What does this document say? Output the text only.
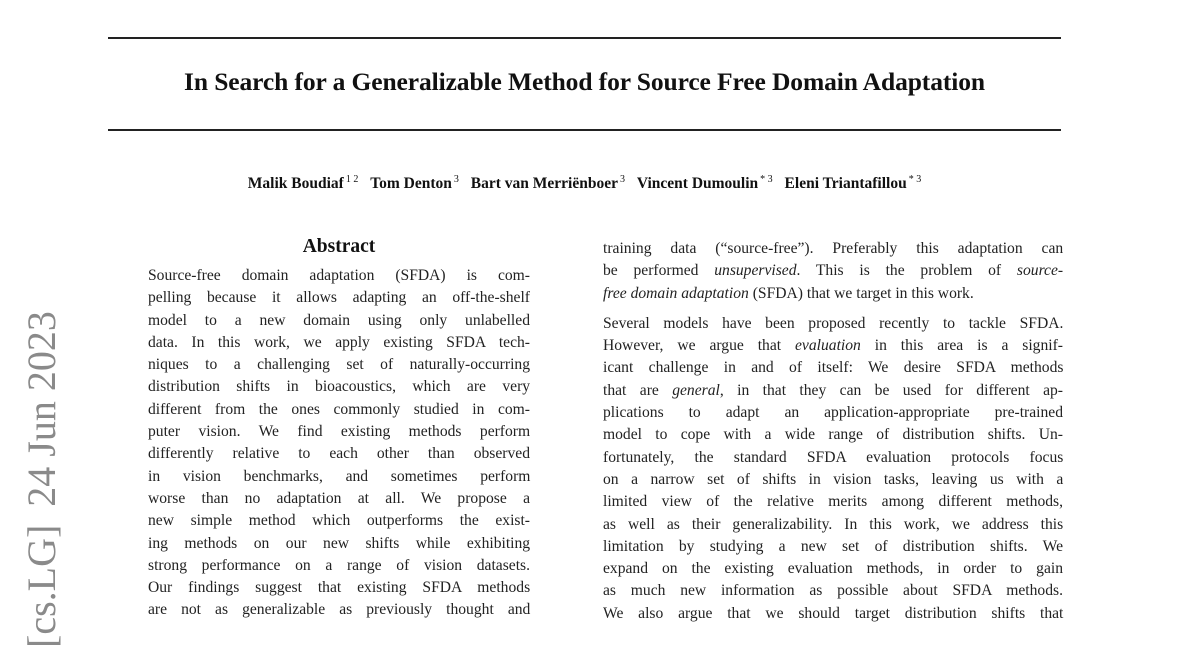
In Search for a Generalizable Method for Source Free Domain Adaptation
Malik Boudiaf $^{1 2}$ Tom Denton $^3$ Bart van Merriënboer $^3$ Vincent Dumoulin $^{* 3}$ Eleni Triantafillou $^{* 3}$
[cs.LG]24 Jun 2023
Abstract
Source-free domain adaptation (SFDA) is com-
pelling because it allows adapting an off-the-shelf
model to a new domain using only unlabelled
data. In this work, we apply existing SFDA tech-
niques to a challenging set of naturally-occurring
distribution shifts in bioacoustics, which are very
different from the ones commonly studied in com-
puter vision. We find existing methods perform
differently relative to each other than observed
in vision benchmarks, and sometimes perform
worse than no adaptation at all. We propose a
new simple method which outperforms the exist-
ing methods on our new shifts while exhibiting
strong performance on a range of vision datasets.
Our findings suggest that existing SFDA methods
are not as generalizable as previously thought and
training data (“source-free”). Preferably this adaptation can
be performed unsupervised. This is the problem of source-
free domain adaptation (SFDA) that we target in this work.
Several models have been proposed recently to tackle SFDA.
However, we argue that evaluation in this area is a signif-
icant challenge in and of itself: We desire SFDA methods
that are general, in that they can be used for different ap-
plications to adapt an application-appropriate pre-trained
model to cope with a wide range of distribution shifts. Un-
fortunately, the standard SFDA evaluation protocols focus
on a narrow set of shifts in vision tasks, leaving us with a
limited view of the relative merits among different methods,
as well as their generalizability. In this work, we address this
limitation by studying a new set of distribution shifts. We
expand on the existing evaluation methods, in order to gain
as much new information as possible about SFDA methods.
We also argue that we should target distribution shifts that
